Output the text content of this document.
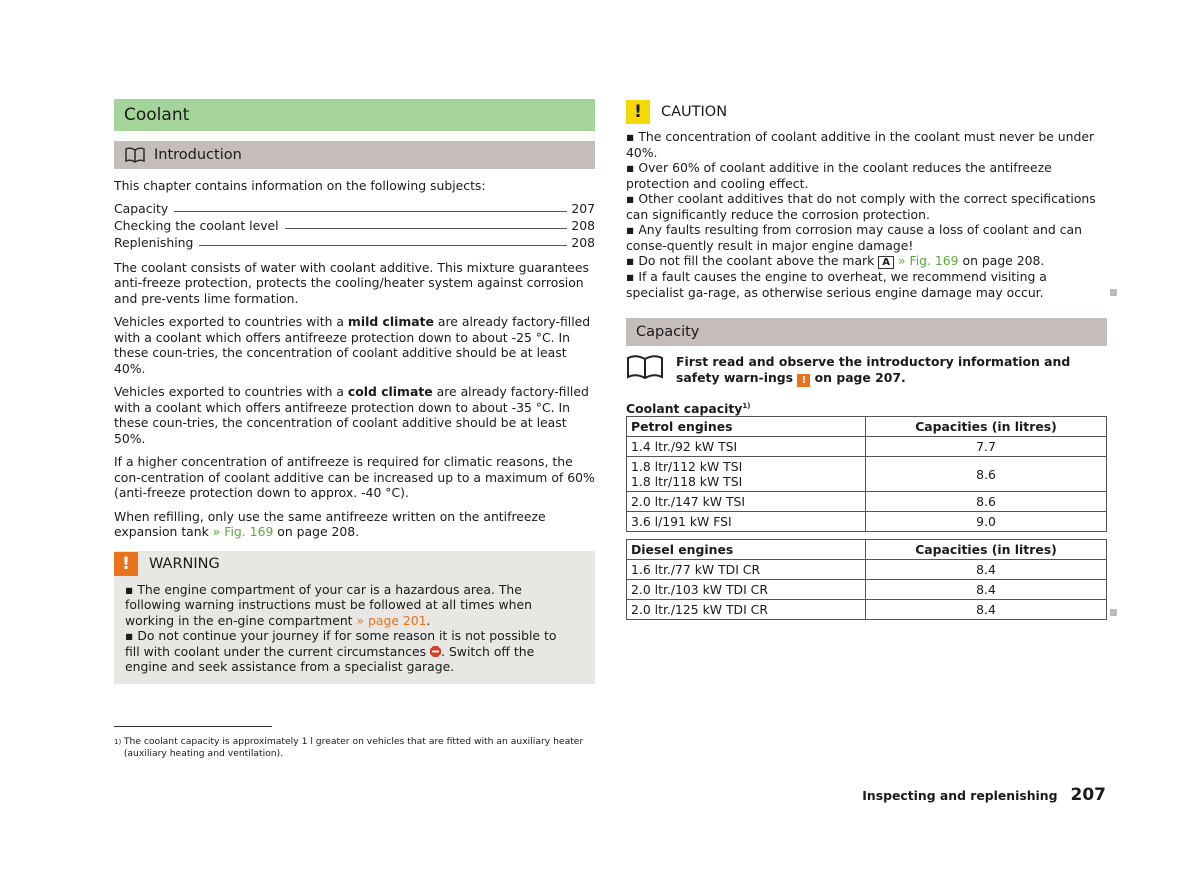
Coolant
Introduction

This chapter contains information on the following subjects:

Capacity	207
Checking the coolant level	208
Replenishing	208

The coolant consists of water with coolant additive. This mixture guarantees anti-freeze protection, protects the cooling/heater system against corrosion and pre-vents lime formation.

Vehicles exported to countries with a mild climate are already factory-filled with a coolant which offers antifreeze protection down to about -25 °C. In these coun-tries, the concentration of coolant additive should be at least 40%.

Vehicles exported to countries with a cold climate are already factory-filled with a coolant which offers antifreeze protection down to about -35 °C. In these coun-tries, the concentration of coolant additive should be at least 50%.

If a higher concentration of antifreeze is required for climatic reasons, the con-centration of coolant additive can be increased up to a maximum of 60% (anti-freeze protection down to approx. -40 °C).

When refilling, only use the same antifreeze written on the antifreeze expansion tank » Fig. 169 on page 208.

!	WARNING

▪ The engine compartment of your car is a hazardous area. The following warning instructions must be followed at all times when working in the en-gine compartment » page 201.

▪ Do not continue your journey if for some reason it is not possible to fill with coolant under the current circumstances . Switch off the engine and seek assistance from a specialist garage.

!	CAUTION

▪ The concentration of coolant additive in the coolant must never be under 40%.

▪ Over 60% of coolant additive in the coolant reduces the antifreeze protection and cooling effect.

▪ Other coolant additives that do not comply with the correct specifications can significantly reduce the corrosion protection.

▪ Any faults resulting from corrosion may cause a loss of coolant and can conse-quently result in major engine damage!

▪ Do not fill the coolant above the mark A » Fig. 169 on page 208.

▪ If a fault causes the engine to overheat, we recommend visiting a specialist ga-rage, as otherwise serious engine damage may occur.

Capacity

First read and observe the introductory information and safety warn-ings ! on page 207.

Coolant capacity$^{1)}$

Petrol engines	Capacities (in litres)
1.4 ltr./92 kW TSI	7.7

1.8 ltr/112 kW TSI
1.8 ltr/118 kW TSI	8.6
2.0 ltr./147 kW TSI	8.6
3.6 l/191 kW FSI	9.0
Diesel engines	Capacities (in litres)
1.6 ltr./77 kW TDI CR	8.4
2.0 ltr./103 kW TDI CR	8.4
2.0 ltr./125 kW TDI CR	8.4
1) The coolant capacity is approximately 1 l greater on vehicles that are fitted with an auxiliary heater (auxiliary heating and ventilation).
Inspecting and replenishing 207
